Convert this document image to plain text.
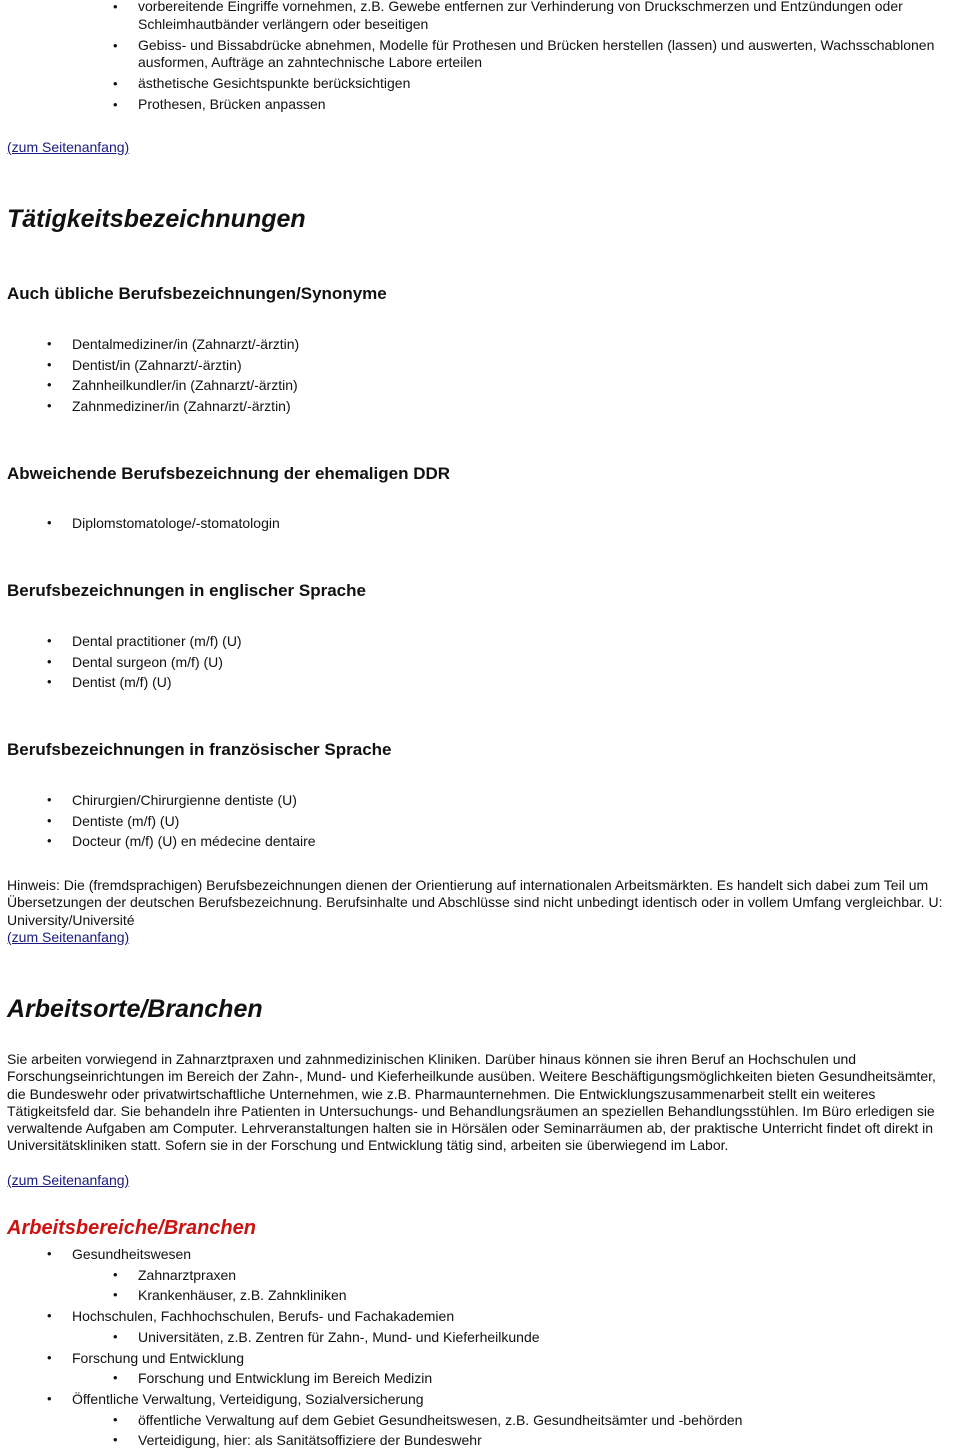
• vorbereitende Eingriffe vornehmen, z.B. Gewebe entfernen zur Verhinderung von Druckschmerzen und Entzündungen oder Schleimhautbänder verlängern oder beseitigen
• Gebiss- und Bissabdrücke abnehmen, Modelle für Prothesen und Brücken herstellen (lassen) und auswerten, Wachsschablonen ausformen, Aufträge an zahntechnische Labore erteilen
• ästhetische Gesichtspunkte berücksichtigen
• Prothesen, Brücken anpassen
(zum Seitenanfang)
Tätigkeitsbezeichnungen
Auch übliche Berufsbezeichnungen/Synonyme
• Dentalmediziner/in (Zahnarzt/-ärztin)
• Dentist/in (Zahnarzt/-ärztin)
• Zahnheilkundler/in (Zahnarzt/-ärztin)
• Zahnmediziner/in (Zahnarzt/-ärztin)
Abweichende Berufsbezeichnung der ehemaligen DDR
• Diplomstomatologe/-stomatologin
Berufsbezeichnungen in englischer Sprache
• Dental practitioner (m/f) (U)
• Dental surgeon (m/f) (U)
• Dentist (m/f) (U)
Berufsbezeichnungen in französischer Sprache
• Chirurgien/Chirurgienne dentiste (U)
• Dentiste (m/f) (U)
• Docteur (m/f) (U) en médecine dentaire

Hinweis: Die (fremdsprachigen) Berufsbezeichnungen dienen der Orientierung auf internationalen Arbeitsmärkten. Es handelt sich dabei zum Teil um Übersetzungen der deutschen Berufsbezeichnung. Berufsinhalte und Abschlüsse sind nicht unbedingt identisch oder in vollem Umfang vergleichbar. U: University/Université

(zum Seitenanfang)
Arbeitsorte/Branchen

Sie arbeiten vorwiegend in Zahnarztpraxen und zahnmedizinischen Kliniken. Darüber hinaus können sie ihren Beruf an Hochschulen und Forschungseinrichtungen im Bereich der Zahn-, Mund- und Kieferheilkunde ausüben. Weitere Beschäftigungsmöglichkeiten bieten Gesundheitsämter, die Bundeswehr oder privatwirtschaftliche Unternehmen, wie z.B. Pharmaunternehmen. Die Entwicklungszusammenarbeit stellt ein weiteres Tätigkeitsfeld dar. Sie behandeln ihre Patienten in Untersuchungs- und Behandlungsräumen an speziellen Behandlungsstühlen. Im Büro erledigen sie verwaltende Aufgaben am Computer. Lehrveranstaltungen halten sie in Hörsälen oder Seminarräumen ab, der praktische Unterricht findet oft direkt in Universitätskliniken statt. Sofern sie in der Forschung und Entwicklung tätig sind, arbeiten sie überwiegend im Labor.

(zum Seitenanfang)
Arbeitsbereiche/Branchen
• Gesundheitswesen
• Zahnarztpraxen
• Krankenhäuser, z.B. Zahnkliniken
• Hochschulen, Fachhochschulen, Berufs- und Fachakademien
• Universitäten, z.B. Zentren für Zahn-, Mund- und Kieferheilkunde
• Forschung und Entwicklung
• Forschung und Entwicklung im Bereich Medizin
• Öffentliche Verwaltung, Verteidigung, Sozialversicherung
• öffentliche Verwaltung auf dem Gebiet Gesundheitswesen, z.B. Gesundheitsämter und -behörden
• Verteidigung, hier: als Sanitätsoffiziere der Bundeswehr
